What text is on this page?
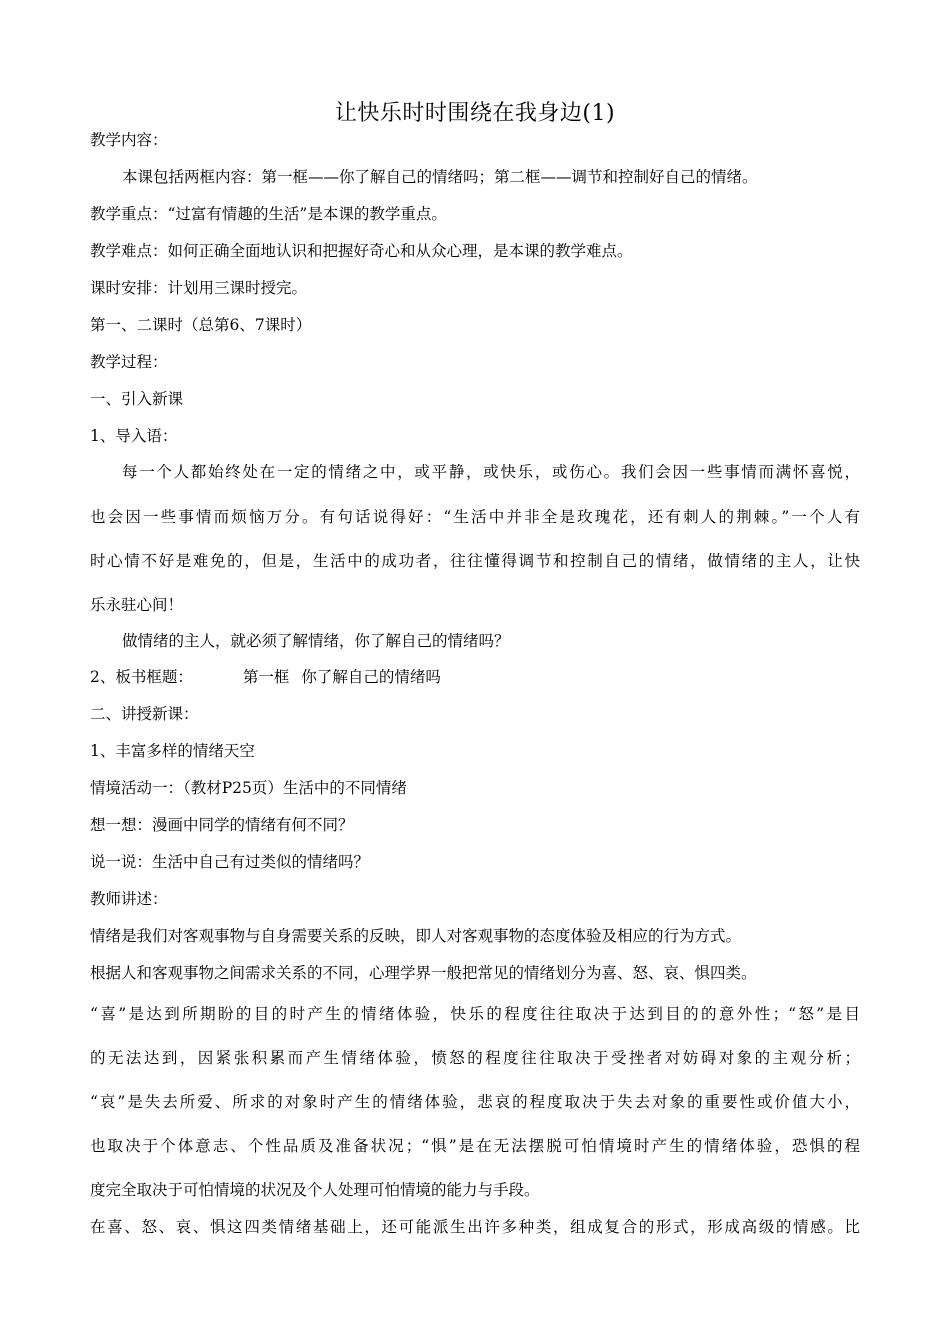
让快乐时时围绕在我身边(1)
教学内容：
本课包括两框内容：第一框——你了解自己的情绪吗；第二框——调节和控制好自己的情绪。
教学重点：“过富有情趣的生活”是本课的教学重点。
教学难点：如何正确全面地认识和把握好奇心和从众心理，是本课的教学难点。
课时安排：计划用三课时授完。
第一、二课时（总第6、7课时）
教学过程：
一、引入新课
1、导入语：
每一个人都始终处在一定的情绪之中，或平静，或快乐，或伤心。我们会因一些事情而满怀喜悦，
也会因一些事情而烦恼万分。有句话说得好：“生活中并非全是玫瑰花，还有刺人的荆棘。”一个人有
时心情不好是难免的，但是，生活中的成功者，往往懂得调节和控制自己的情绪，做情绪的主人，让快
乐永驻心间！
做情绪的主人，就必须了解情绪，你了解自己的情绪吗？
2、板书框题：	第一框 你了解自己的情绪吗
二、讲授新课：
1、丰富多样的情绪天空
情境活动一：（教材P25页）生活中的不同情绪
想一想：漫画中同学的情绪有何不同？
说一说：生活中自己有过类似的情绪吗？
教师讲述：
情绪是我们对客观事物与自身需要关系的反映，即人对客观事物的态度体验及相应的行为方式。
根据人和客观事物之间需求关系的不同，心理学界一般把常见的情绪划分为喜、怒、哀、惧四类。
“喜”是达到所期盼的目的时产生的情绪体验，快乐的程度往往取决于达到目的的意外性；“怒”是目
的无法达到，因紧张积累而产生情绪体验，愤怒的程度往往取决于受挫者对妨碍对象的主观分析；
“哀”是失去所爱、所求的对象时产生的情绪体验，悲哀的程度取决于失去对象的重要性或价值大小，
也取决于个体意志、个性品质及准备状况；“惧”是在无法摆脱可怕情境时产生的情绪体验，恐惧的程
度完全取决于可怕情境的状况及个人处理可怕情境的能力与手段。
在喜、怒、哀、惧这四类情绪基础上，还可能派生出许多种类，组成复合的形式，形成高级的情感。比
